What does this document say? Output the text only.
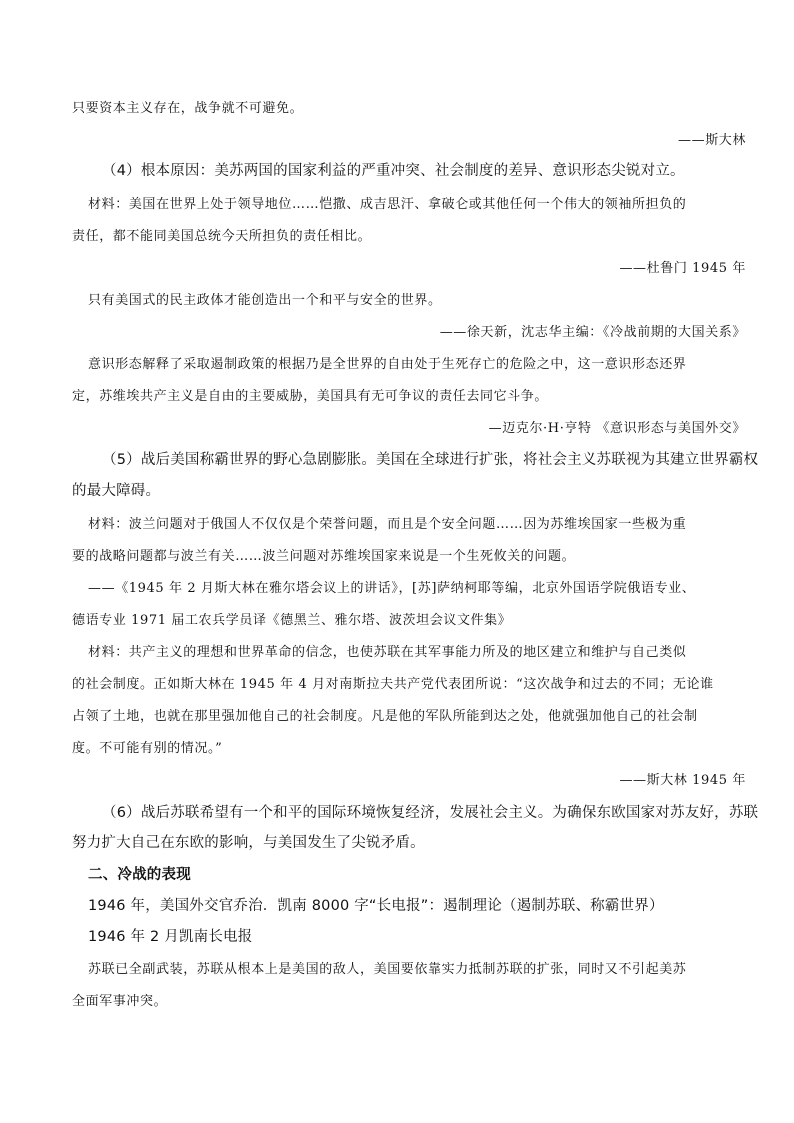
只要资本主义存在，战争就不可避免。
——斯大林
（4）根本原因：美苏两国的国家利益的严重冲突、社会制度的差异、意识形态尖锐对立。
材料：美国在世界上处于领导地位……恺撒、成吉思汗、拿破仑或其他任何一个伟大的领袖所担负的
责任，都不能同美国总统今天所担负的责任相比。
——杜鲁门 1945 年
只有美国式的民主政体才能创造出一个和平与安全的世界。
——徐天新，沈志华主编：《冷战前期的大国关系》
意识形态解释了采取遏制政策的根据乃是全世界的自由处于生死存亡的危险之中，这一意识形态还界
定，苏维埃共产主义是自由的主要威胁，美国具有无可争议的责任去同它斗争。
—迈克尔·H·亨特 《意识形态与美国外交》
（5）战后美国称霸世界的野心急剧膨胀。美国在全球进行扩张，将社会主义苏联视为其建立世界霸权
的最大障碍。
材料：波兰问题对于俄国人不仅仅是个荣誉问题，而且是个安全问题……因为苏维埃国家一些极为重
要的战略问题都与波兰有关……波兰问题对苏维埃国家来说是一个生死攸关的问题。
——《1945 年 2 月斯大林在雅尔塔会议上的讲话》，[苏]萨纳柯耶等编，北京外国语学院俄语专业、
德语专业 1971 届工农兵学员译《德黑兰、雅尔塔、波茨坦会议文件集》
材料：共产主义的理想和世界革命的信念，也使苏联在其军事能力所及的地区建立和维护与自己类似
的社会制度。正如斯大林在 1945 年 4 月对南斯拉夫共产党代表团所说：“这次战争和过去的不同；无论谁
占领了土地，也就在那里强加他自己的社会制度。凡是他的军队所能到达之处，他就强加他自己的社会制
度。不可能有别的情况。”
——斯大林 1945 年
（6）战后苏联希望有一个和平的国际环境恢复经济，发展社会主义。为确保东欧国家对苏友好，苏联
努力扩大自己在东欧的影响，与美国发生了尖锐矛盾。
二、冷战的表现
1946 年，美国外交官乔治．凯南 8000 字“长电报”：遏制理论（遏制苏联、称霸世界）
1946 年 2 月凯南长电报
苏联已全副武装，苏联从根本上是美国的敌人，美国要依靠实力抵制苏联的扩张，同时又不引起美苏
全面军事冲突。
